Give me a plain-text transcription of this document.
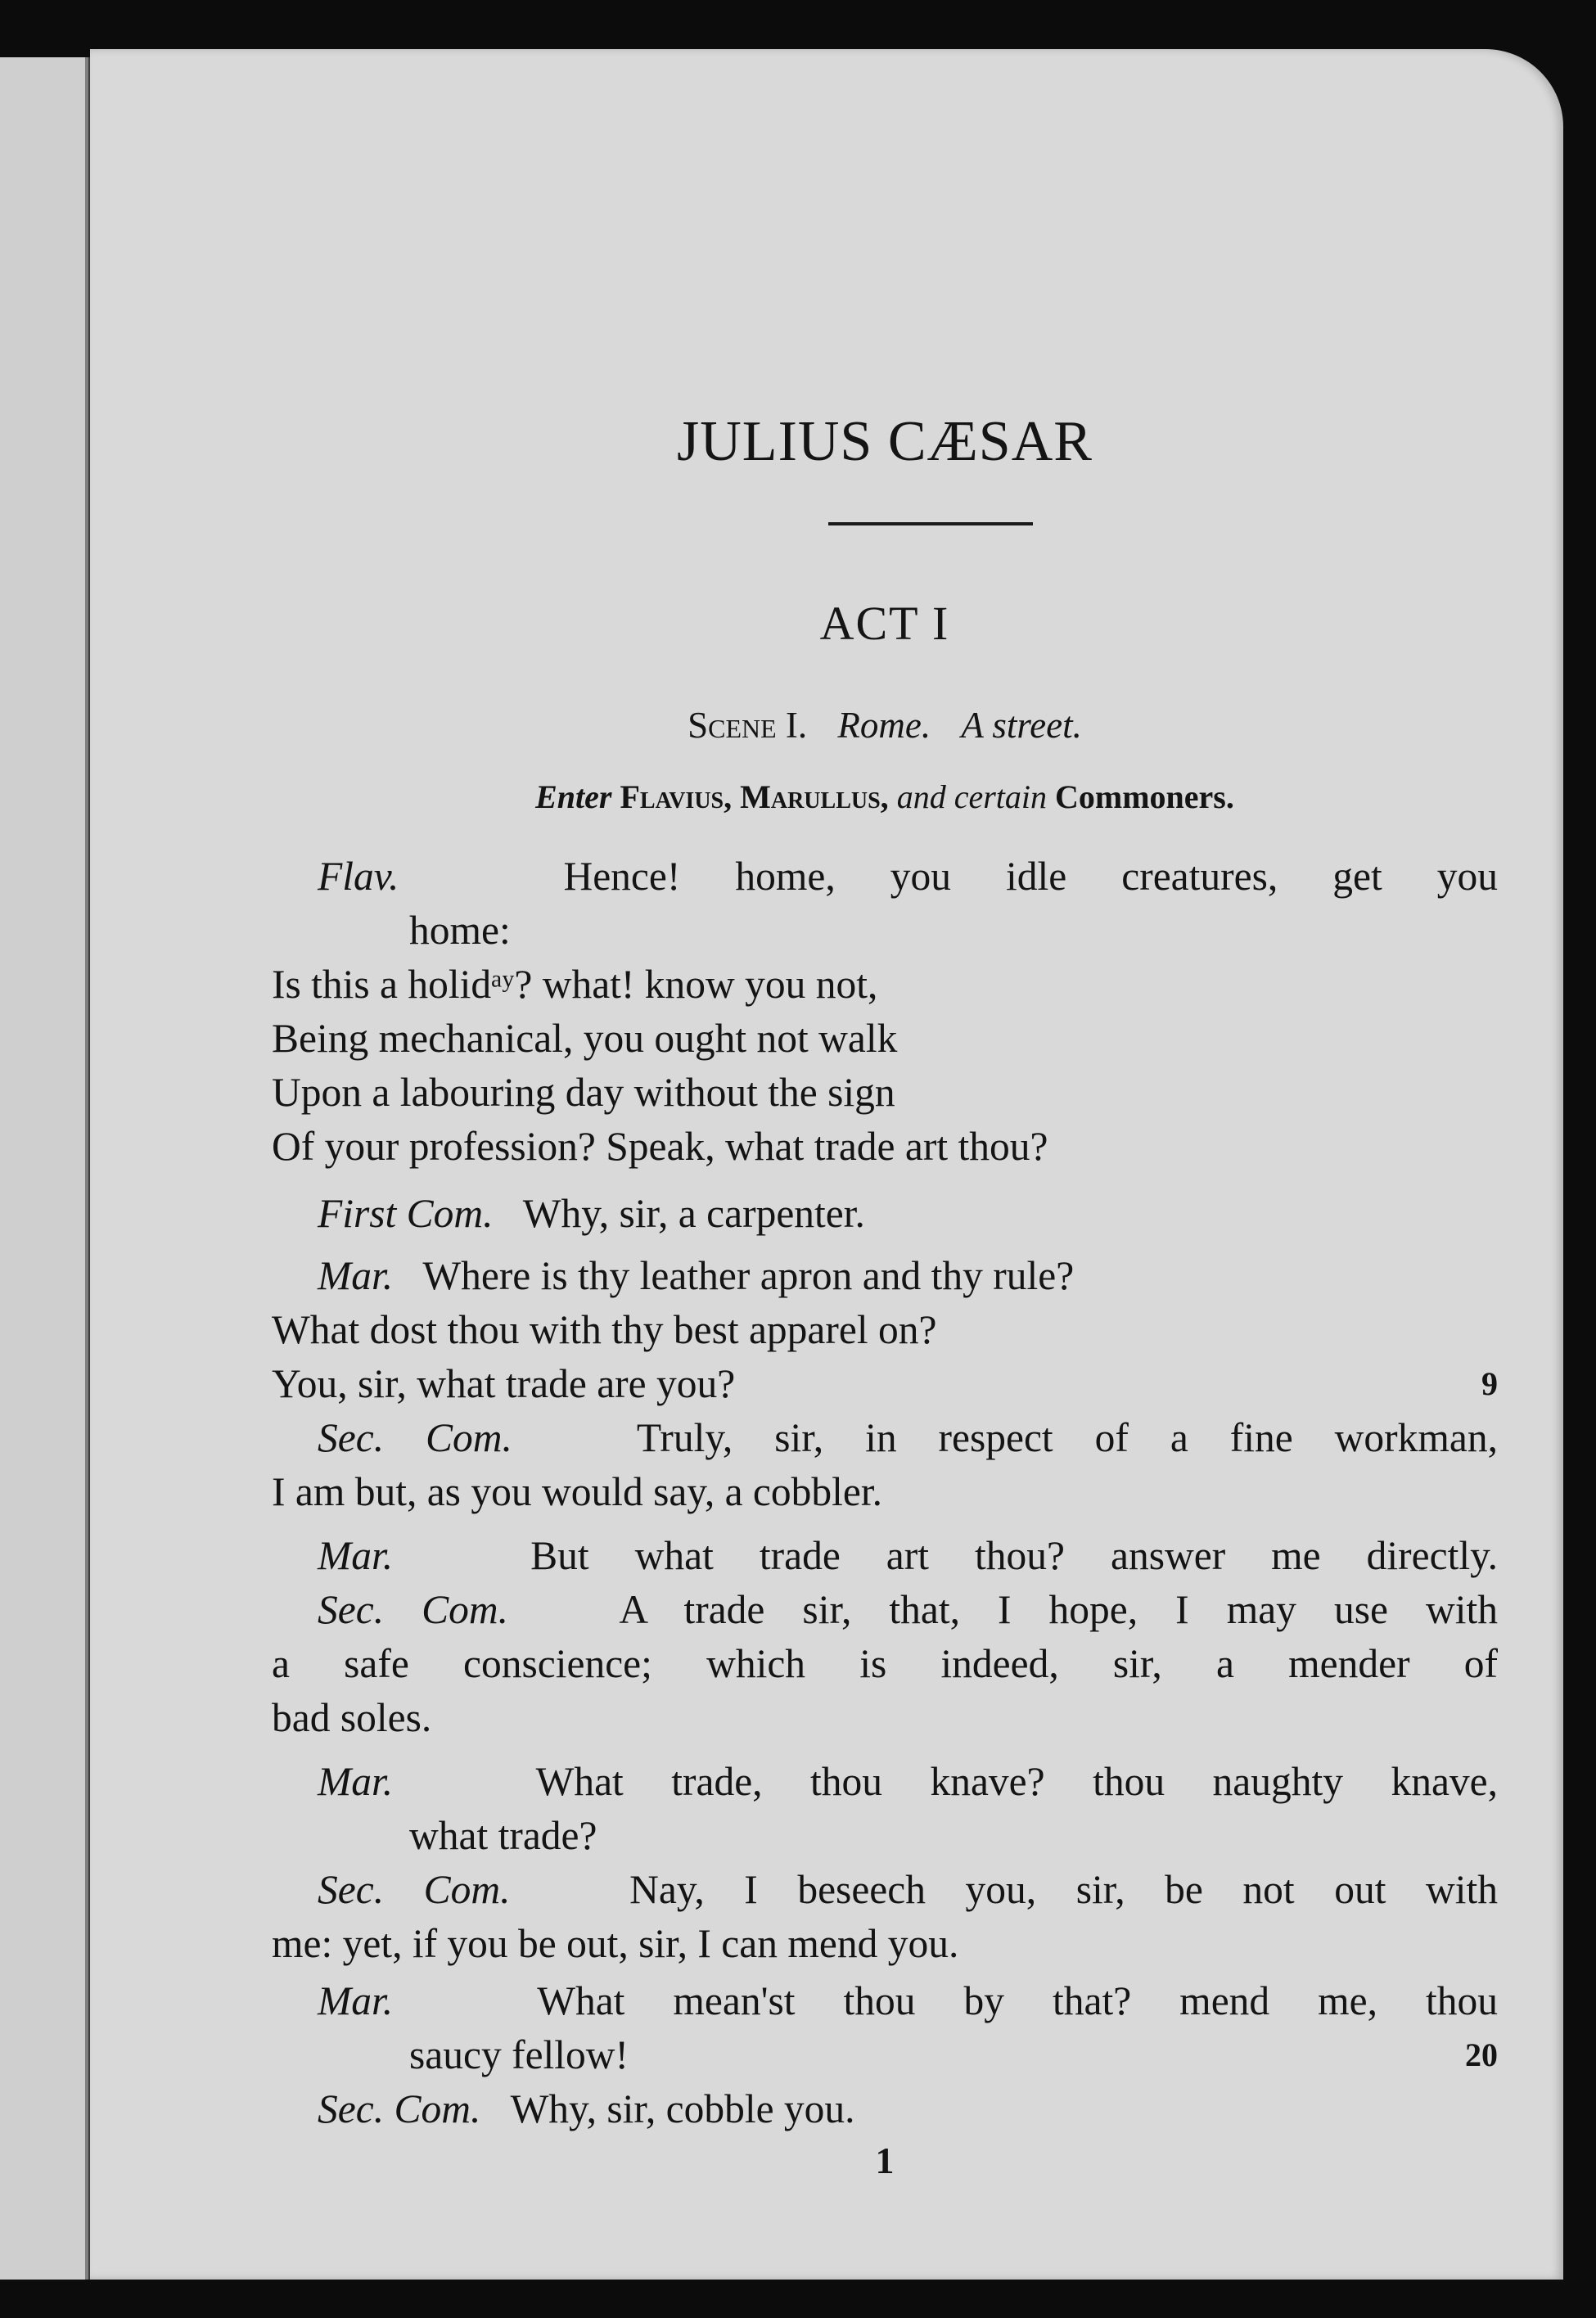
JULIUS CÆSAR
ACT I
Scene I. Rome. A street.
Enter Flavius, Marullus, and certain Commoners.
Flav.	Hence! home, you idle creatures, get you
home:
Is this a holid⁠ᵃʸ? what! know you not,
Being mechanical, you ought not walk
Upon a labouring day without the sign
Of your profession? Speak, what trade art thou?
First Com. Why, sir, a carpenter.
Mar. Where is thy leather apron and thy rule?
What dost thou with thy best apparel on?
You, sir, what trade are you?	9
Sec. Com.	Truly, sir, in respect of a fine workman,
I am but, as you would say, a cobbler.
Mar.	But what trade art thou? answer me directly.
Sec. Com.	A trade sir, that, I hope, I may use with
a safe conscience; which is indeed, sir, a mender of
bad soles.
Mar.	What trade, thou knave? thou naughty knave,
what trade?
Sec. Com.	Nay, I beseech you, sir, be not out with
me: yet, if you be out, sir, I can mend you.
Mar.	What mean'st thou by that? mend me, thou
saucy fellow!	20
Sec. Com. Why, sir, cobble you.
1
